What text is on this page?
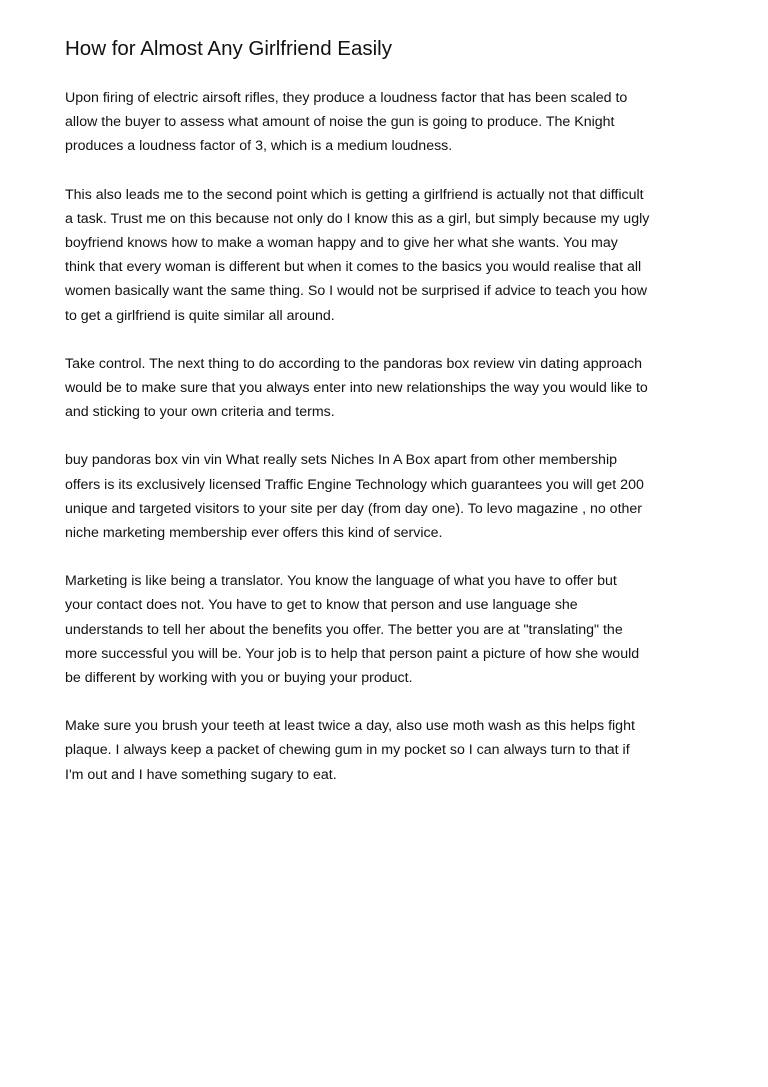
How for Almost Any Girlfriend Easily

Upon firing of electric airsoft rifles, they produce a loudness factor that has been scaled to
allow the buyer to assess what amount of noise the gun is going to produce. The Knight
produces a loudness factor of 3, which is a medium loudness.

This also leads me to the second point which is getting a girlfriend is actually not that difficult
a task. Trust me on this because not only do I know this as a girl, but simply because my ugly
boyfriend knows how to make a woman happy and to give her what she wants. You may
think that every woman is different but when it comes to the basics you would realise that all
women basically want the same thing. So I would not be surprised if advice to teach you how
to get a girlfriend is quite similar all around.

Take control. The next thing to do according to the pandoras box review vin dating approach
would be to make sure that you always enter into new relationships the way you would like to
and sticking to your own criteria and terms.

buy pandoras box vin vin What really sets Niches In A Box apart from other membership
offers is its exclusively licensed Traffic Engine Technology which guarantees you will get 200
unique and targeted visitors to your site per day (from day one). To levo magazine , no other
niche marketing membership ever offers this kind of service.

Marketing is like being a translator. You know the language of what you have to offer but
your contact does not. You have to get to know that person and use language she
understands to tell her about the benefits you offer. The better you are at "translating" the
more successful you will be. Your job is to help that person paint a picture of how she would
be different by working with you or buying your product.

Make sure you brush your teeth at least twice a day, also use moth wash as this helps fight
plaque. I always keep a packet of chewing gum in my pocket so I can always turn to that if
I'm out and I have something sugary to eat.
